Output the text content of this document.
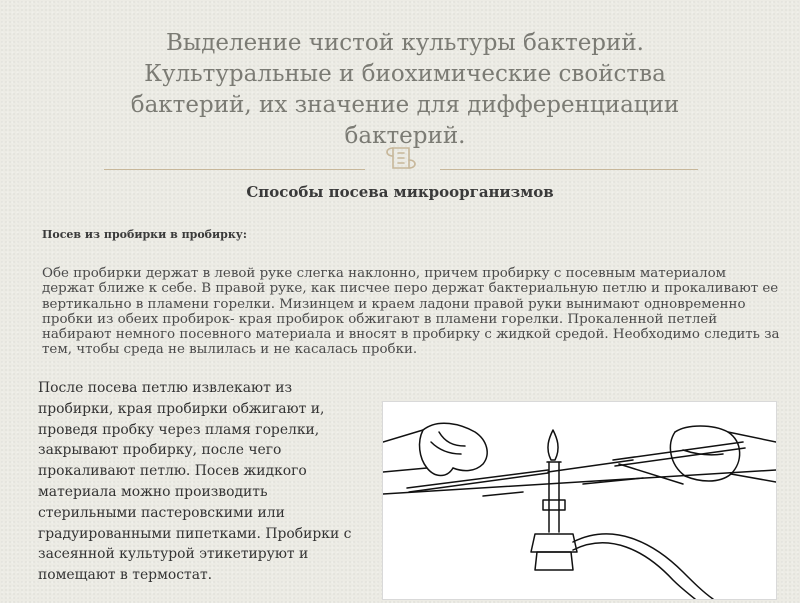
Выделение чистой культуры бактерий. Культуральные и биохимические свойства бактерий, их значение для дифференциации бактерий.
Способы посева микроорганизмов
Посев из пробирки в пробирку:

Обе пробирки держат в левой руке слегка наклонно, причем пробирку с посевным материалом держат ближе к себе. В правой руке, как писчее перо держат бактериальную петлю и прокаливают ее вертикально в пламени горелки. Мизинцем и краем ладони правой руки вынимают одновременно пробки из обеих пробирок- края пробирок обжигают в пламени горелки. Прокаленной петлей набирают немного посевного материала и вносят в пробирку с жидкой средой. Необходимо следить за тем, чтобы среда не вылилась и не касалась пробки.

После посева петлю извлекают из пробирки, края пробирки обжигают и, проведя пробку через пламя горелки, закрывают пробирку, после чего прокаливают петлю. Посев жидкого материала можно производить стерильными пастеровскими или градуированными пипетками. Пробирки с засеянной культурой этикетируют и помещают в термостат.
